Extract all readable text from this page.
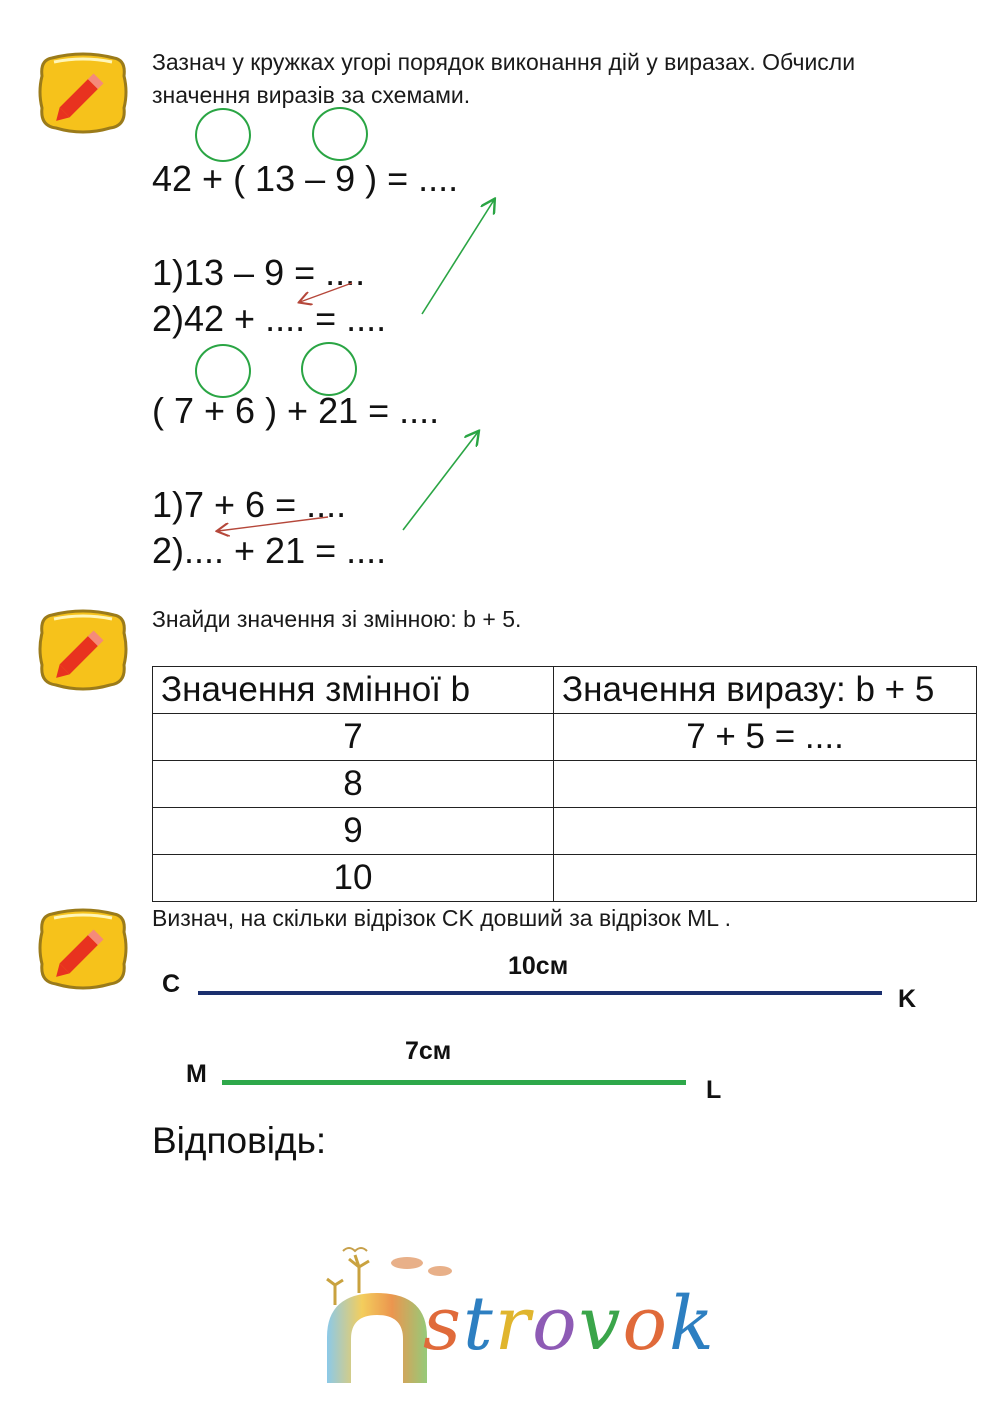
Зазнач у кружках угорі порядок виконання дій у виразах. Обчисли
значення виразів за схемами.
42 + ( 13 – 9 ) = ....
1)13 – 9 = ....
2)42 + .... = ....
( 7 + 6 ) + 21 = ....
1)7 + 6 = ....
2).... + 21 = ....
Знайди значення зі змінною: b + 5.
Значення змінної b	Значення виразу: b + 5
7	7 + 5 = ....
8	
9	
10	
Визнач, на скільки відрізок CK довший за відрізок ML .
C
10см
K
M
7см
L
Відповідь:
strovok
